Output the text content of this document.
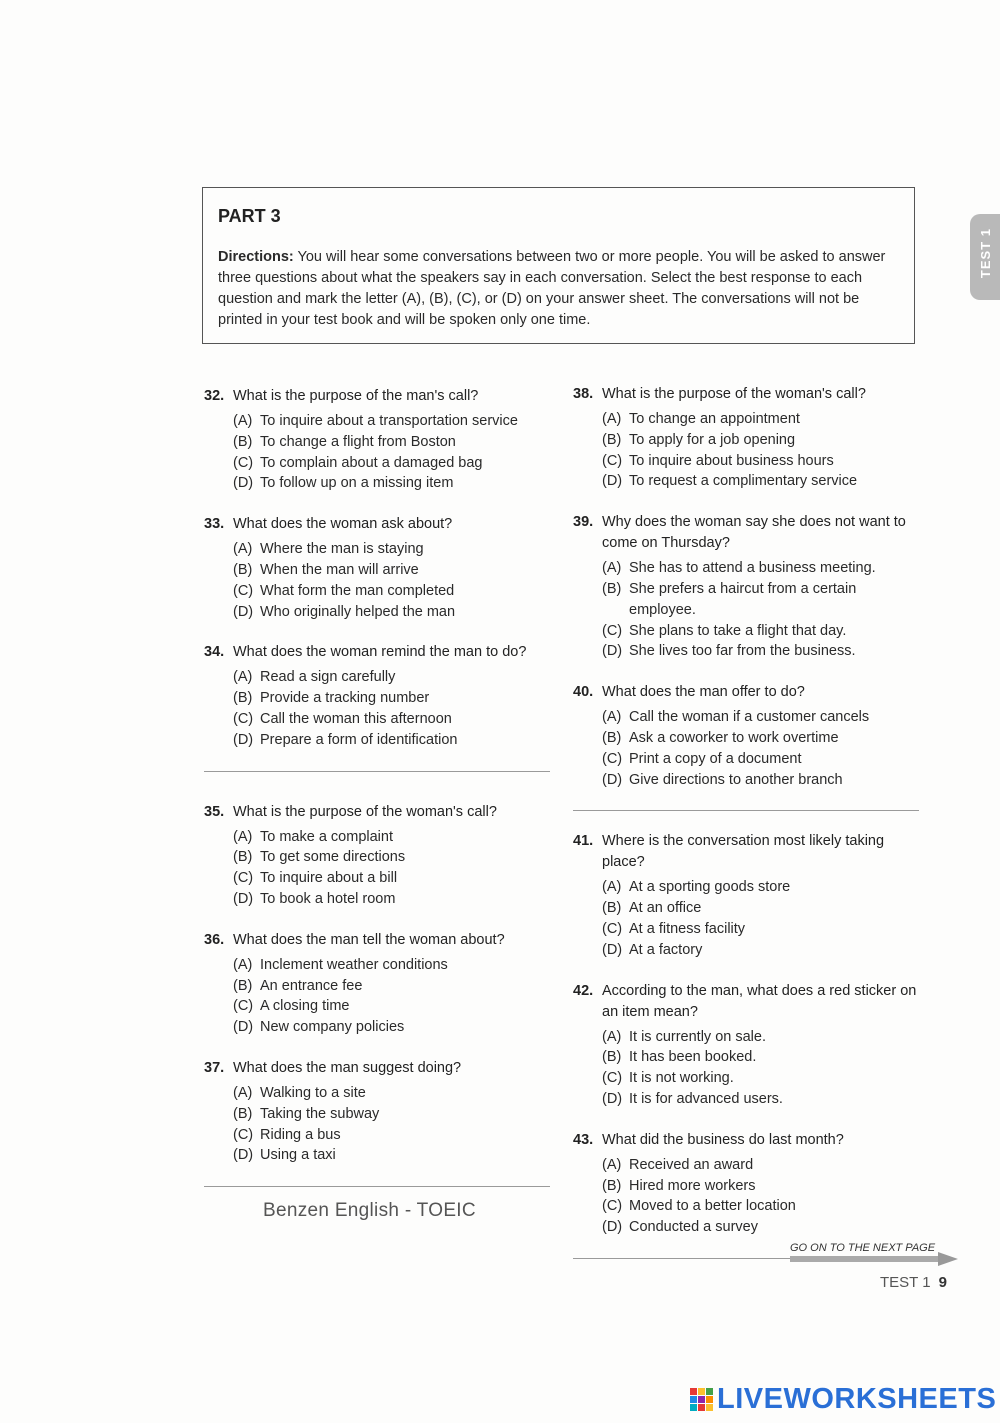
TEST 1
PART 3
Directions: You will hear some conversations between two or more people. You will be asked to answer three questions about what the speakers say in each conversation. Select the best response to each question and mark the letter (A), (B), (C), or (D) on your answer sheet. The conversations will not be printed in your test book and will be spoken only one time.
32. What is the purpose of the man's call?
(A) To inquire about a transportation service
(B) To change a flight from Boston
(C) To complain about a damaged bag
(D) To follow up on a missing item
33. What does the woman ask about?
(A) Where the man is staying
(B) When the man will arrive
(C) What form the man completed
(D) Who originally helped the man
34. What does the woman remind the man to do?
(A) Read a sign carefully
(B) Provide a tracking number
(C) Call the woman this afternoon
(D) Prepare a form of identification
35. What is the purpose of the woman's call?
(A) To make a complaint
(B) To get some directions
(C) To inquire about a bill
(D) To book a hotel room
36. What does the man tell the woman about?
(A) Inclement weather conditions
(B) An entrance fee
(C) A closing time
(D) New company policies
37. What does the man suggest doing?
(A) Walking to a site
(B) Taking the subway
(C) Riding a bus
(D) Using a taxi
38. What is the purpose of the woman's call?
(A) To change an appointment
(B) To apply for a job opening
(C) To inquire about business hours
(D) To request a complimentary service
39. Why does the woman say she does not want to come on Thursday?
(A) She has to attend a business meeting.
(B) She prefers a haircut from a certain employee.
(C) She plans to take a flight that day.
(D) She lives too far from the business.
40. What does the man offer to do?
(A) Call the woman if a customer cancels
(B) Ask a coworker to work overtime
(C) Print a copy of a document
(D) Give directions to another branch
41. Where is the conversation most likely taking place?
(A) At a sporting goods store
(B) At an office
(C) At a fitness facility
(D) At a factory
42. According to the man, what does a red sticker on an item mean?
(A) It is currently on sale.
(B) It has been booked.
(C) It is not working.
(D) It is for advanced users.
43. What did the business do last month?
(A) Received an award
(B) Hired more workers
(C) Moved to a better location
(D) Conducted a survey
Benzen English - TOEIC
GO ON TO THE NEXT PAGE
TEST 1 9
LIVEWORKSHEETS
